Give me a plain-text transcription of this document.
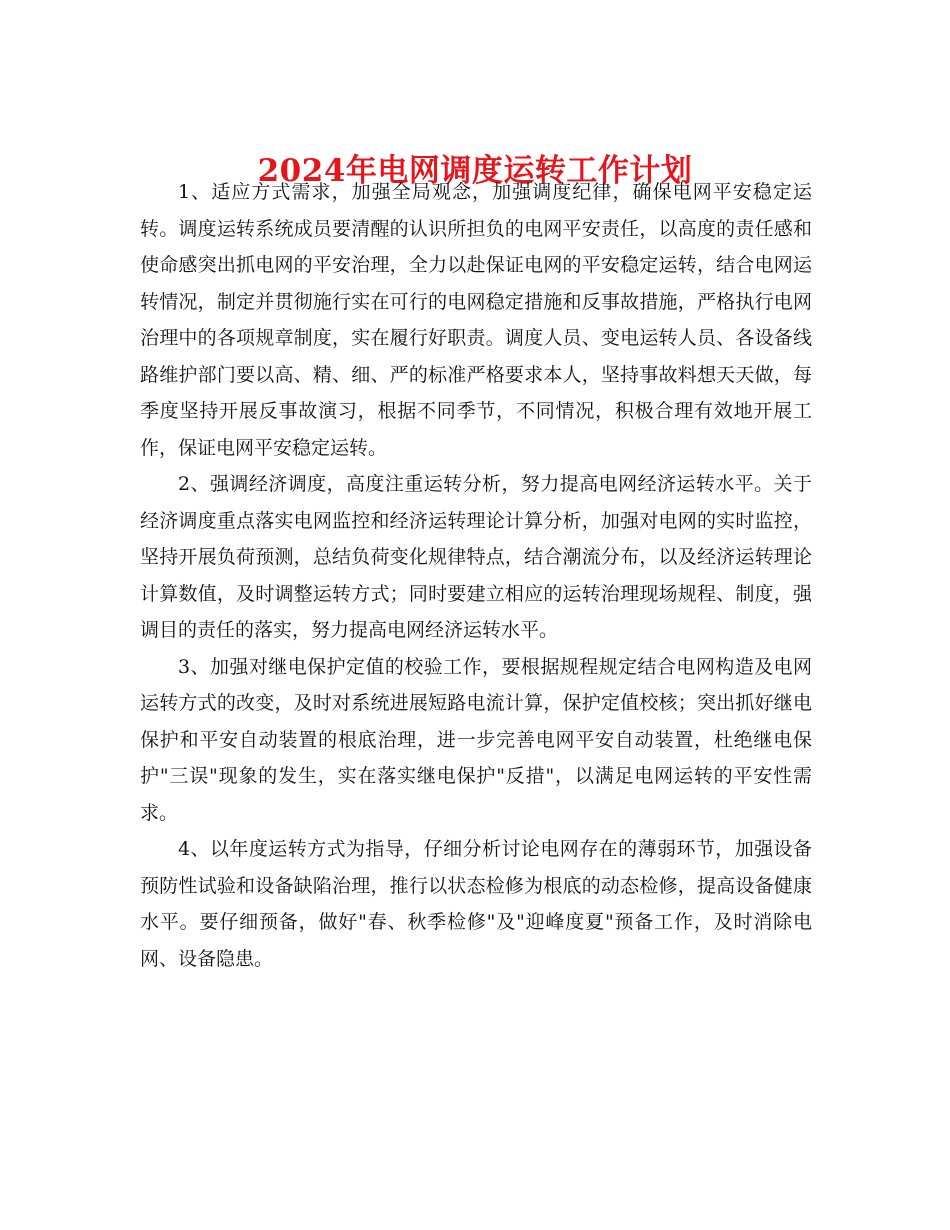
2024年电网调度运转工作计划

1、适应方式需求，加强全局观念，加强调度纪律，确保电网平安稳定运转。调度运转系统成员要清醒的认识所担负的电网平安责任，以高度的责任感和使命感突出抓电网的平安治理，全力以赴保证电网的平安稳定运转，结合电网运转情况，制定并贯彻施行实在可行的电网稳定措施和反事故措施，严格执行电网治理中的各项规章制度，实在履行好职责。调度人员、变电运转人员、各设备线路维护部门要以高、精、细、严的标准严格要求本人，坚持事故料想天天做，每季度坚持开展反事故演习，根据不同季节，不同情况，积极合理有效地开展工作，保证电网平安稳定运转。

2、强调经济调度，高度注重运转分析，努力提高电网经济运转水平。关于经济调度重点落实电网监控和经济运转理论计算分析，加强对电网的实时监控，坚持开展负荷预测，总结负荷变化规律特点，结合潮流分布，以及经济运转理论计算数值，及时调整运转方式；同时要建立相应的运转治理现场规程、制度，强调目的责任的落实，努力提高电网经济运转水平。

3、加强对继电保护定值的校验工作，要根据规程规定结合电网构造及电网运转方式的改变，及时对系统进展短路电流计算，保护定值校核；突出抓好继电保护和平安自动装置的根底治理，进一步完善电网平安自动装置，杜绝继电保护"三误"现象的发生，实在落实继电保护"反措"，以满足电网运转的平安性需求。

4、以年度运转方式为指导，仔细分析讨论电网存在的薄弱环节，加强设备预防性试验和设备缺陷治理，推行以状态检修为根底的动态检修，提高设备健康水平。要仔细预备，做好"春、秋季检修"及"迎峰度夏"预备工作，及时消除电网、设备隐患。
